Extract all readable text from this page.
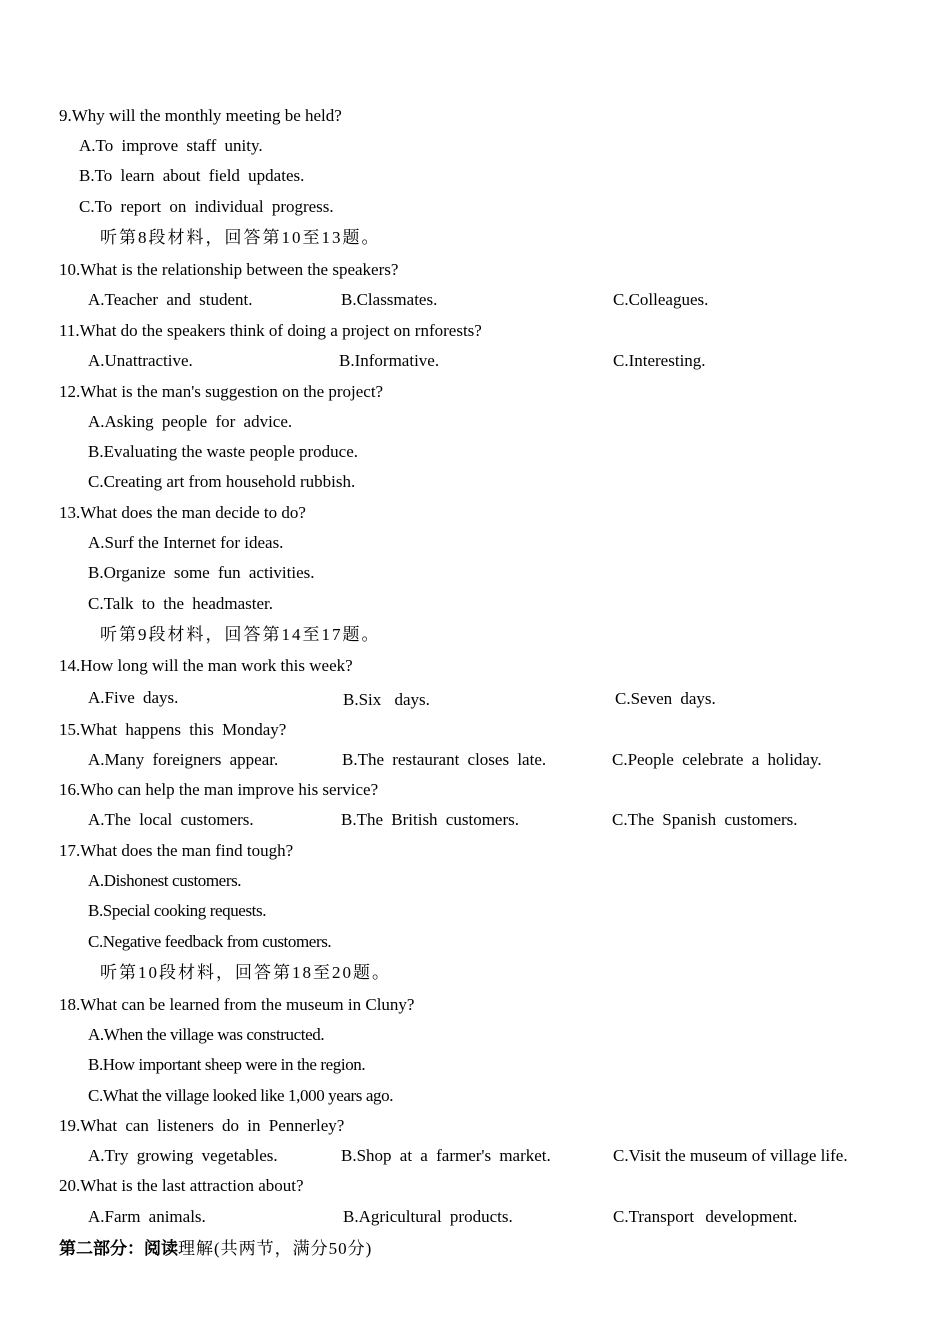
9.Why will the monthly meeting be held?
A.To improve staff unity.
B.To learn about field updates.
C.To report on individual progress.
听第8段材料，回答第10至13题。
10.What is the relationship between the speakers?
A.Teacher and student.	B.Classmates.	C.Colleagues.
11.What do the speakers think of doing a project on rnforests?
A.Unattractive.	B.Informative.	C.Interesting.
12.What is the man's suggestion on the project?
A.Asking people for advice.
B.Evaluating the waste people produce.
C.Creating art from household rubbish.
13.What does the man decide to do?
A.Surf the Internet for ideas.
B.Organize some fun activities.
C.Talk to the headmaster.
听第9段材料，回答第14至17题。
14.How long will the man work this week?
A.Five days.	B.Six days.	C.Seven days.
15.What happens this Monday?
A.Many foreigners appear.	B.The restaurant closes late.	C.People celebrate a holiday.
16.Who can help the man improve his service?
A.The local customers.	B.The British customers.	C.The Spanish customers.
17.What does the man find tough?
A.Dishonest customers.
B.Special cooking requests.
C.Negative feedback from customers.
听第10段材料，回答第18至20题。
18.What can be learned from the museum in Cluny?
A.When the village was constructed.
B.How important sheep were in the region.
C.What the village looked like 1,000 years ago.
19.What can listeners do in Pennerley?
A.Try growing vegetables.	B.Shop at a farmer's market.	C.Visit the museum of village life.
20.What is the last attraction about?
A.Farm animals.	B.Agricultural products.	C.Transport development.
第二部分：阅读理解(共两节，满分50分)
